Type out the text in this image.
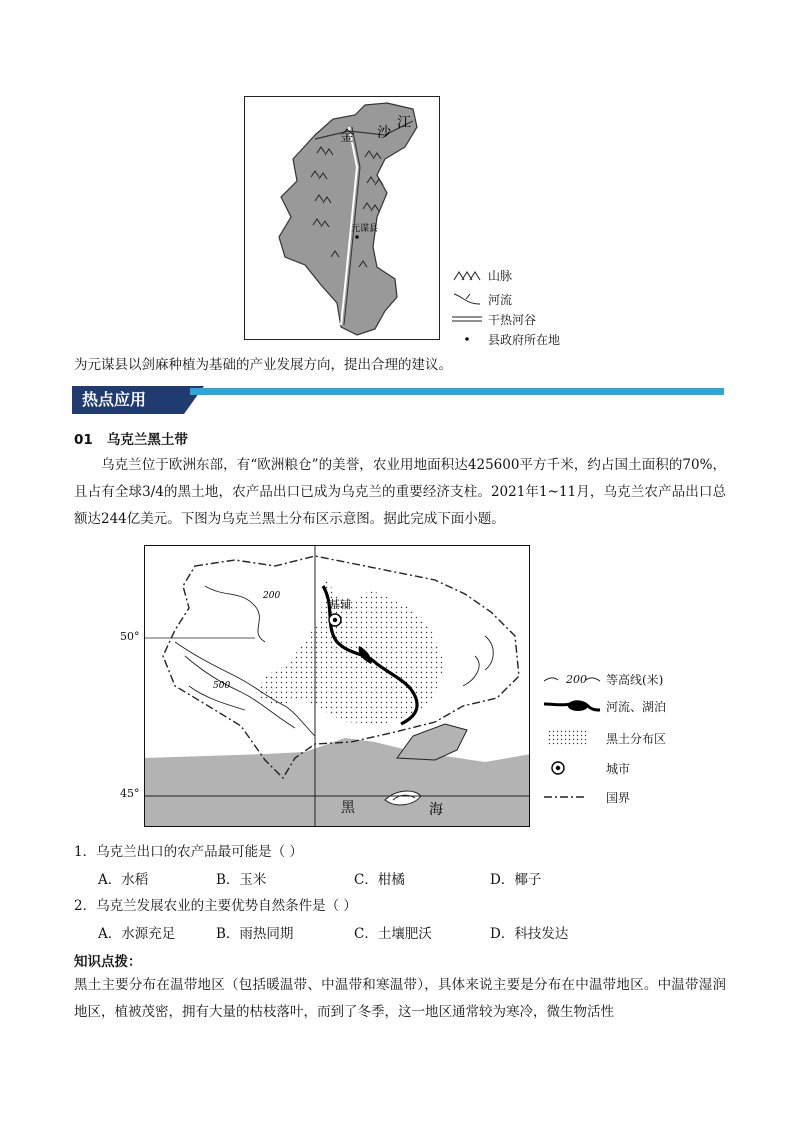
金 沙
江
元谋县
山脉
河流
干热河谷
县政府所在地
为元谋县以剑麻种植为基础的产业发展方向，提出合理的建议。
热点应用
01 乌克兰黑土带
乌克兰位于欧洲东部，有“欧洲粮仓”的美誉，农业用地面积达425600平方千米，约占国土面积的70%，且占有全球3/4的黑土地，农产品出口已成为乌克兰的重要经济支柱。2021年1~11月，乌克兰农产品出口总额达244亿美元。下图为乌克兰黑土分布区示意图。据此完成下面小题。
基辅
200
500
黑	海
50°
45°
200 等高线(米)
河流、湖泊
黑土分布区
城市
国界
1．乌克兰出口的农产品最可能是（ ）
A．水稻	B．玉米	C．柑橘	D．椰子
2．乌克兰发展农业的主要优势自然条件是（ ）
A．水源充足	B．雨热同期	C．土壤肥沃	D．科技发达
知识点拨：
黑土主要分布在温带地区（包括暖温带、中温带和寒温带），具体来说主要是分布在中温带地区。中温带湿润地区，植被茂密，拥有大量的枯枝落叶，而到了冬季，这一地区通常较为寒冷，微生物活性
